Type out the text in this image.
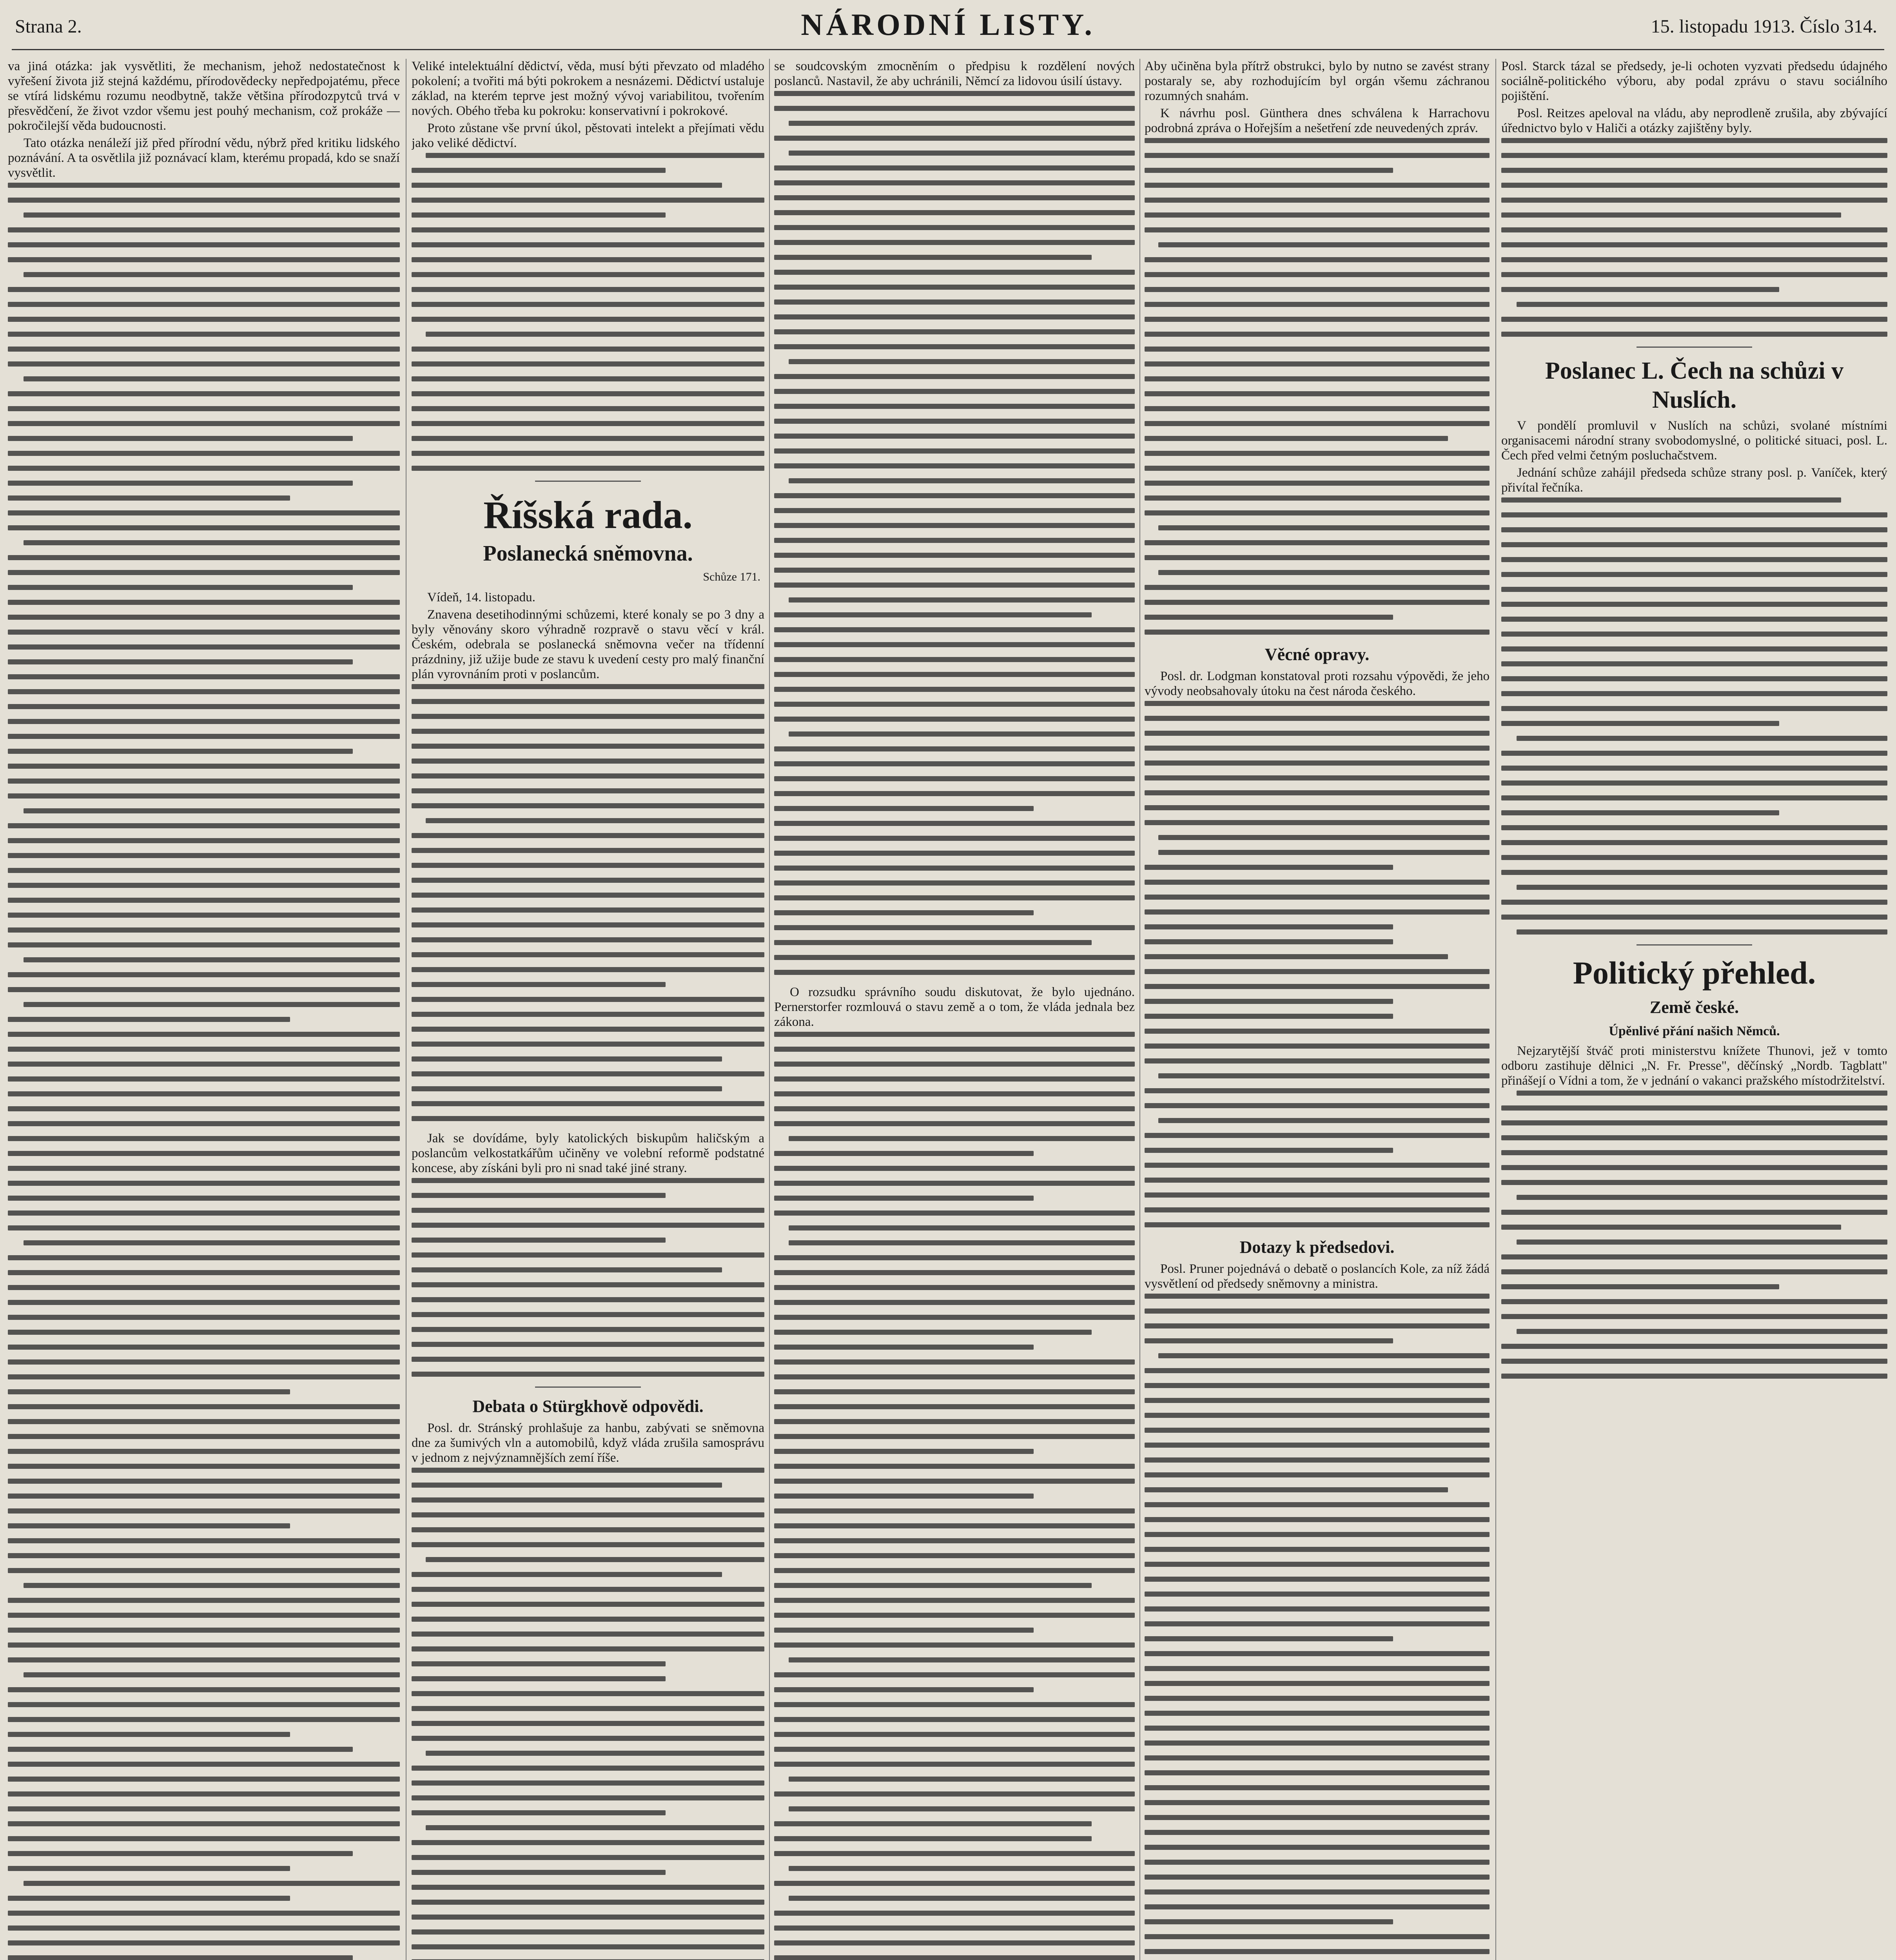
Strana 2.	NÁRODNÍ LISTY.	15. listopadu 1913. Číslo 314.

va jiná otázka: jak vysvětliti, že mechanism, jehož nedostatečnost k vyřešení života již stejná každému, přírodovědecky nepředpojatému, přece se vtírá lidskému rozumu neodbytně, takže většina přírodozpytců trvá v přesvědčení, že život vzdor všemu jest pouhý mechanism, což prokáže — pokročilejší věda budoucnosti.

Tato otázka nenáleží již před přírodní vědu, nýbrž před kritiku lidského poznávání. A ta osvětlila již poznávací klam, kterému propadá, kdo se snaží vysvětlit.

Veliké intelektuální dědictví, věda, musí býti převzato od mladého pokolení; a tvořiti má býti pokrokem a nesnázemi. Dědictví ustaluje základ, na kterém teprve jest možný vývoj variabilitou, tvořením nových. Obého třeba ku pokroku: konservativní i pokrokové.

Proto zůstane vše první úkol, pěstovati intelekt a přejímati vědu jako veliké dědictví.

Říšská rada.
Poslanecká sněmovna.
Schůze 171.

Vídeň, 14. listopadu.

Znavena desetihodinnými schůzemi, které konaly se po 3 dny a byly věnovány skoro výhradně rozpravě o stavu věcí v král. Českém, odebrala se poslanecká sněmovna večer na třídenní prázdniny, již užije bude ze stavu k uvedení cesty pro malý finanční plán vyrovnáním proti v poslancům.

Jak se dovídáme, byly katolických biskupům haličským a poslancům velkostatkářům učiněny ve volební reformě podstatné koncese, aby získáni byli pro ni snad také jiné strany.

Debata o Stürgkhově odpovědi.

Posl. dr. Stránský prohlašuje za hanbu, zabývati se sněmovna dne za šumivých vln a automobilů, když vláda zrušila samosprávu v jednom z nejvýznamnějších zemí říše.

se soudcovským zmocněním o předpisu k rozdělení nových poslanců. Nastavil, že aby uchránili, Němcí za lidovou úsilí ústavy.

O rozsudku správního soudu diskutovat, že bylo ujednáno. Pernerstorfer rozmlouvá o stavu země a o tom, že vláda jednala bez zákona.

Aby učiněna byla přítrž obstrukci, bylo by nutno se zavést strany postaraly se, aby rozhodujícím byl orgán všemu záchranou rozumných snahám.

K návrhu posl. Günthera dnes schválena k Harrachovu podrobná zpráva o Hořejším a nešetření zde neuvedených zpráv.

Věcné opravy.

Posl. dr. Lodgman konstatoval proti rozsahu výpovědi, že jeho vývody neobsahovaly útoku na čest národa českého.

Dotazy k předsedovi.

Posl. Pruner pojednává o debatě o poslancích Kole, za níž žádá vysvětlení od předsedy sněmovny a ministra.

Posl. Starck tázal se předsedy, je-li ochoten vyzvati předsedu údajného sociálně-politického výboru, aby podal zprávu o stavu sociálního pojištění.

Posl. Reitzes apeloval na vládu, aby neprodleně zrušila, aby zbývající úřednictvo bylo v Haliči a otázky zajištěny byly.

Poslanec L. Čech na schůzi v Nuslích.

V pondělí promluvil v Nuslích na schůzi, svolané místními organisacemi národní strany svobodomyslné, o politické situaci, posl. L. Čech před velmi četným posluchačstvem.

Jednání schůze zahájil předseda schůze strany posl. p. Vaníček, který přivítal řečníka.

Politický přehled.
Země české.
Úpěnlivé přání našich Němců.

Nejzarytější štváč proti ministerstvu knížete Thunovi, jež v tomto odboru zastihuje dělnici „N. Fr. Presse", děčínský „Nordb. Tagblatt" přinášejí o Vídni a tom, že v jednání o vakanci pražského místodržitelství.
